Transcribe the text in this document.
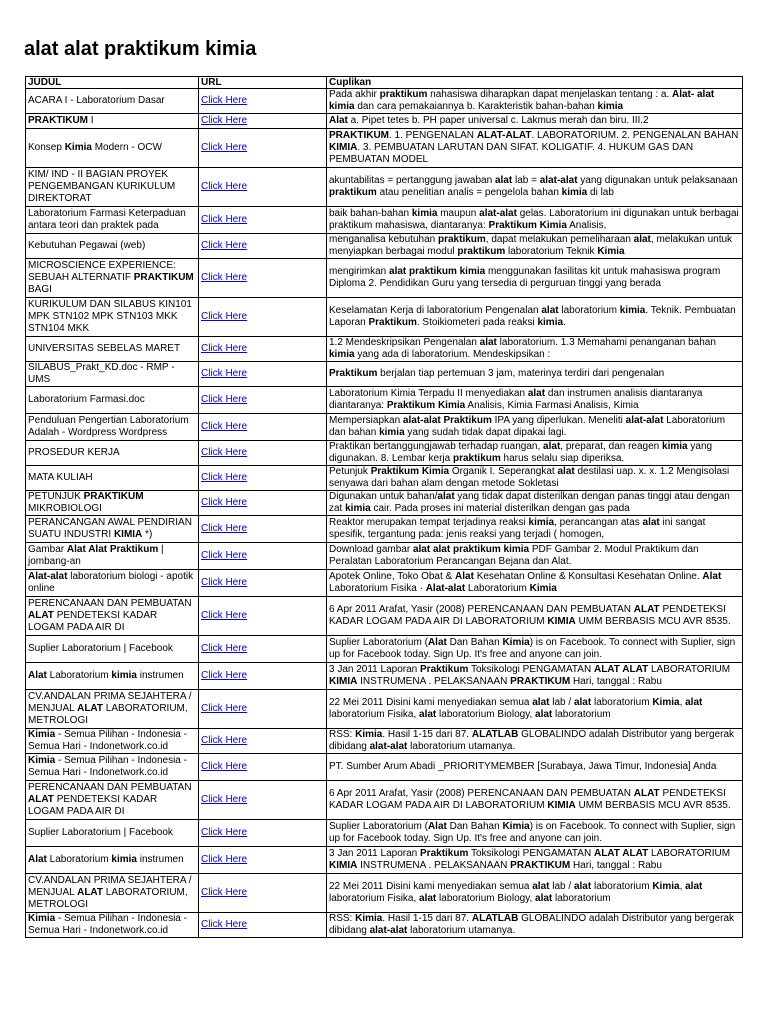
alat alat praktikum kimia
JUDUL	URL	Cuplikan
ACARA I - Laboratorium Dasar	Click Here	Pada akhir praktikum nahasiswa diharapkan dapat menjelaskan tentang : a. Alat- alat kimia dan cara pemakaiannya b. Karakteristik bahan-bahan kimia
PRAKTIKUM I	Click Here	Alat a. Pipet tetes b. PH paper universal c. Lakmus merah dan biru. III.2
Konsep Kimia Modern - OCW	Click Here	PRAKTIKUM. 1. PENGENALAN ALAT-ALAT. LABORATORIUM. 2. PENGENALAN BAHAN KIMIA. 3. PEMBUATAN LARUTAN DAN SIFAT. KOLIGATIF. 4. HUKUM GAS DAN PEMBUATAN MODEL
KIM/ IND - II BAGIAN PROYEK PENGEMBANGAN KURIKULUM DIREKTORAT	Click Here	akuntabilitas = pertanggung jawaban alat lab = alat-alat yang digunakan untuk pelaksanaan praktikum atau penelitian analis = pengelola bahan kimia di lab
Laboratorium Farmasi Keterpaduan antara teori dan praktek pada	Click Here	baik bahan-bahan kimia maupun alat-alat gelas. Laboratorium ini digunakan untuk berbagai praktikum mahasiswa, diantaranya: Praktikum Kimia Analisis,
Kebutuhan Pegawai (web)	Click Here	menganalisa kebutuhan praktikum, dapat melakukan pemeliharaan alat, melakukan untuk menyiapkan berbagai modul praktikum laboratorium Teknik Kimia
MICROSCIENCE EXPERIENCE: SEBUAH ALTERNATIF PRAKTIKUM BAGI	Click Here	mengirimkan alat praktikum kimia menggunakan fasilitas kit untuk mahasiswa program Diploma 2. Pendidikan Guru yang tersedia di perguruan tinggi yang berada
KURIKULUM DAN SILABUS KIN101 MPK STN102 MPK STN103 MKK STN104 MKK	Click Here	Keselamatan Kerja di laboratorium Pengenalan alat laboratorium kimia. Teknik. Pembuatan Laporan Praktikum. Stoikiometeri pada reaksi kimia.
UNIVERSITAS SEBELAS MARET	Click Here	1.2 Mendeskripsikan Pengenalan alat laboratorium. 1.3 Memahami penanganan bahan kimia yang ada di laboratorium. Mendeskipsikan :
SILABUS_Prakt_KD.doc - RMP - UMS	Click Here	Praktikum berjalan tiap pertemuan 3 jam, materinya terdiri dari pengenalan
Laboratorium Farmasi.doc	Click Here	Laboratorium Kimia Terpadu II menyediakan alat dan instrumen analisis diantaranya diantaranya: Praktikum Kimia Analisis, Kimia Farmasi Analisis, Kimia
Penduluan Pengertian Laboratorium Adalah - Wordpress Wordpress	Click Here	Mempersiapkan alat-alat Praktikum IPA yang diperlukan. Meneliti alat-alat Laboratorium dan bahan kimia yang sudah tidak dapat dipakai lagi.
PROSEDUR KERJA	Click Here	Praktikan bertanggungjawab terhadap ruangan, alat, preparat, dan reagen kimia yang digunakan. 8. Lembar kerja praktikum harus selalu siap diperiksa.
MATA KULIAH	Click Here	Petunjuk Praktikum Kimia Organik I. Seperangkat alat destilasi uap. x. x. 1.2 Mengisolasi senyawa dari bahan alam dengan metode Sokletasi
PETUNJUK PRAKTIKUM MIKROBIOLOGI	Click Here	Digunakan untuk bahan/alat yang tidak dapat disterilkan dengan panas tinggi atau dengan zat kimia cair. Pada proses ini material disterilkan dengan gas pada
PERANCANGAN AWAL PENDIRIAN SUATU INDUSTRI KIMIA *)	Click Here	Reaktor merupakan tempat terjadinya reaksi kimia, perancangan atas alat ini sangat spesifik, tergantung pada: jenis reaksi yang terjadi ( homogen,
Gambar Alat Alat Praktikum | jombang-an	Click Here	Download gambar alat alat praktikum kimia PDF Gambar 2. Modul Praktikum dan Peralatan Laboratorium Perancangan Bejana dan Alat.
Alat-alat laboratorium biologi - apotik online	Click Here	Apotek Online, Toko Obat & Alat Kesehatan Online & Konsultasi Kesehatan Online. Alat Laboratorium Fisika · Alat-alat Laboratorium Kimia
PERENCANAAN DAN PEMBUATAN ALAT PENDETEKSI KADAR LOGAM PADA AIR DI	Click Here	6 Apr 2011 Arafat, Yasir (2008) PERENCANAAN DAN PEMBUATAN ALAT PENDETEKSI KADAR LOGAM PADA AIR DI LABORATORIUM KIMIA UMM BERBASIS MCU AVR 8535.
Suplier Laboratorium | Facebook	Click Here	Suplier Laboratorium (Alat Dan Bahan Kimia) is on Facebook. To connect with Suplier, sign up for Facebook today. Sign Up. It's free and anyone can join.
Alat Laboratorium kimia instrumen	Click Here	3 Jan 2011 Laporan Praktikum Toksikologi PENGAMATAN ALAT ALAT LABORATORIUM KIMIA INSTRUMENA . PELAKSANAAN PRAKTIKUM Hari, tanggal : Rabu
CV.ANDALAN PRIMA SEJAHTERA / MENJUAL ALAT LABORATORIUM, METROLOGI	Click Here	22 Mei 2011 Disini kami menyediakan semua alat lab / alat laboratorium Kimia, alat laboratorium Fisika, alat laboratorium Biology, alat laboratorium
Kimia - Semua Pilihan - Indonesia - Semua Hari - Indonetwork.co.id	Click Here	RSS: Kimia. Hasil 1-15 dari 87. ALATLAB GLOBALINDO adalah Distributor yang bergerak dibidang alat-alat laboratorium utamanya.
Kimia - Semua Pilihan - Indonesia - Semua Hari - Indonetwork.co.id	Click Here	PT. Sumber Arum Abadi _PRIORITYMEMBER [Surabaya, Jawa Timur, Indonesia] Anda
PERENCANAAN DAN PEMBUATAN ALAT PENDETEKSI KADAR LOGAM PADA AIR DI	Click Here	6 Apr 2011 Arafat, Yasir (2008) PERENCANAAN DAN PEMBUATAN ALAT PENDETEKSI KADAR LOGAM PADA AIR DI LABORATORIUM KIMIA UMM BERBASIS MCU AVR 8535.
Suplier Laboratorium | Facebook	Click Here	Suplier Laboratorium (Alat Dan Bahan Kimia) is on Facebook. To connect with Suplier, sign up for Facebook today. Sign Up. It's free and anyone can join.
Alat Laboratorium kimia instrumen	Click Here	3 Jan 2011 Laporan Praktikum Toksikologi PENGAMATAN ALAT ALAT LABORATORIUM KIMIA INSTRUMENA . PELAKSANAAN PRAKTIKUM Hari, tanggal : Rabu
CV.ANDALAN PRIMA SEJAHTERA / MENJUAL ALAT LABORATORIUM, METROLOGI	Click Here	22 Mei 2011 Disini kami menyediakan semua alat lab / alat laboratorium Kimia, alat laboratorium Fisika, alat laboratorium Biology, alat laboratorium
Kimia - Semua Pilihan - Indonesia - Semua Hari - Indonetwork.co.id	Click Here	RSS: Kimia. Hasil 1-15 dari 87. ALATLAB GLOBALINDO adalah Distributor yang bergerak dibidang alat-alat laboratorium utamanya.
